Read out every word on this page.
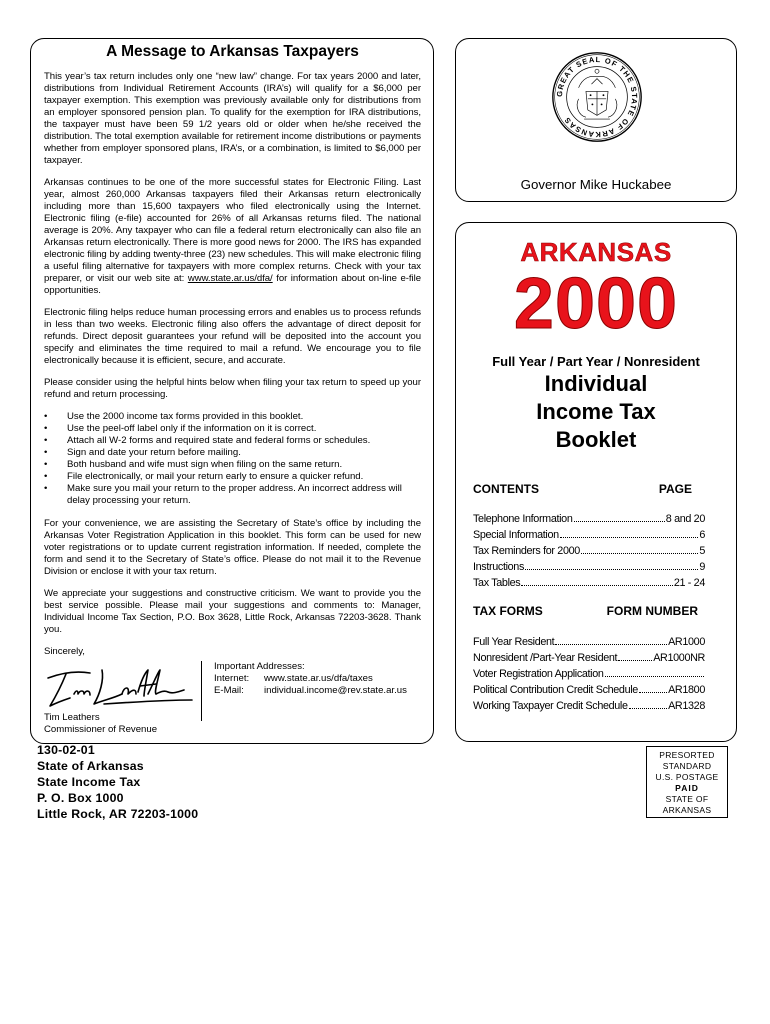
A Message to Arkansas Taxpayers

This year’s tax return includes only one “new law” change. For tax years 2000 and later, distributions from Individual Retirement Accounts (IRA’s) will qualify for a $6,000 per taxpayer exemption. This exemption was previously available only for distributions from an employer sponsored pension plan. To qualify for the exemption for IRA distributions, the taxpayer must have been 59 1/2 years old or older when he/she received the distribution. The total exemption available for retirement income distributions or payments whether from employer sponsored plans, IRA’s, or a combination, is limited to $6,000 per taxpayer.

Arkansas continues to be one of the more successful states for Electronic Filing. Last year, almost 260,000 Arkansas taxpayers filed their Arkansas return electronically including more than 15,600 taxpayers who filed electronically using the Internet. Electronic filing (e-file) accounted for 26% of all Arkansas returns filed. The national average is 20%. Any taxpayer who can file a federal return electronically can also file an Arkansas return electronically. There is more good news for 2000. The IRS has expanded electronic filing by adding twenty-three (23) new schedules. This will make electronic filing a useful filing alternative for taxpayers with more complex returns. Check with your tax preparer, or visit our web site at: www.state.ar.us/dfa/ for information about on-line e-file opportunities.

Electronic filing helps reduce human processing errors and enables us to process refunds in less than two weeks. Electronic filing also offers the advantage of direct deposit for refunds. Direct deposit guarantees your refund will be deposited into the account you specify and eliminates the time required to mail a refund. We encourage you to file electronically because it is efficient, secure, and accurate.

Please consider using the helpful hints below when filing your tax return to speed up your refund and return processing.

• Use the 2000 income tax forms provided in this booklet.
• Use the peel-off label only if the information on it is correct.
• Attach all W-2 forms and required state and federal forms or schedules.
• Sign and date your return before mailing.
• Both husband and wife must sign when filing on the same return.
• File electronically, or mail your return early to ensure a quicker refund.
• Make sure you mail your return to the proper address. An incorrect address will delay processing your return.

For your convenience, we are assisting the Secretary of State’s office by including the Arkansas Voter Registration Application in this booklet. This form can be used for new voter registrations or to update current registration information. If needed, complete the form and send it to the Secretary of State’s office. Please do not mail it to the Revenue Division or enclose it with your tax return.

We appreciate your suggestions and constructive criticism. We want to provide you the best service possible. Please mail your suggestions and comments to: Manager, Individual Income Tax Section, P.O. Box 3628, Little Rock, Arkansas 72203-3628. Thank you.

Sincerely,

Tim Leathers
Commissioner of Revenue
Important Addresses:
Internet:	www.state.ar.us/dfa/taxes
E-Mail:	individual.income@rev.state.ar.us
GREAT SEAL OF THE STATE OF ARKANSAS
Governor Mike Huckabee
ARKANSAS
2000
Full Year / Part Year / Nonresident
Individual
Income Tax
Booklet
CONTENTS	PAGE
Telephone Information	8 and 20
Special Information	6
Tax Reminders for 2000	5
Instructions	9
Tax Tables	21 - 24
TAX FORMS	FORM NUMBER
Full Year Resident	AR1000
Nonresident /Part-Year Resident	AR1000NR
Voter Registration Application
Political Contribution Credit Schedule	AR1800
Working Taxpayer Credit Schedule	AR1328
130-02-01
State of Arkansas
State Income Tax
P. O. Box 1000
Little Rock, AR 72203-1000
PRESORTED
STANDARD
U.S. POSTAGE
PAID
STATE OF
ARKANSAS
